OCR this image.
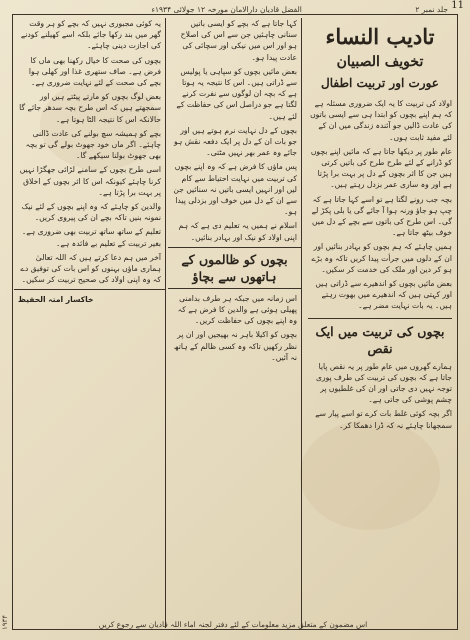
جلد نمبر ۲
الفضل قادیان دارالامان مورخہ ۱۲ جولائی ۱۹۳۴ء	11
تادیب النساء
تخویف الصبیان
عورت اور تربیت اطفال

اولاد کی تربیت کا یہ ایک ضروری مسئلہ ہے کہ ہم اپنے بچوں کو ابتدا ہی سے ایسی باتوں کی عادت ڈالیں جو آئندہ زندگی میں ان کے لئے مفید ثابت ہوں۔

عام طور پر دیکھا جاتا ہے کہ مائیں اپنے بچوں کو ڈرانے کے لئے طرح طرح کی باتیں کرتی ہیں جن کا اثر بچوں کے دل پر بہت برا پڑتا ہے اور وہ ساری عمر بزدل رہتے ہیں۔

بچہ جب رونے لگتا ہے تو اسے کہا جاتا ہے کہ چپ ہو جاؤ ورنہ ہوا آ جائے گی یا بلی پکڑ لے گی۔ اس طرح کی باتوں سے بچے کے دل میں خوف بیٹھ جاتا ہے۔

ہمیں چاہئے کہ ہم بچوں کو بہادر بنائیں اور ان کے دلوں میں جرأت پیدا کریں تاکہ وہ بڑے ہو کر دین اور ملک کی خدمت کر سکیں۔

بعض مائیں بچوں کو اندھیرے سے ڈراتی ہیں اور کہتی ہیں کہ اندھیرے میں بھوت رہتے ہیں۔ یہ بات نہایت مضر ہے۔

بچوں کی تربیت میں ایک نقص

ہمارے گھروں میں عام طور پر یہ نقص پایا جاتا ہے کہ بچوں کی تربیت کی طرف پوری توجہ نہیں دی جاتی اور ان کی غلطیوں پر چشم پوشی کی جاتی ہے۔

اگر بچہ کوئی غلط بات کرے تو اسے پیار سے سمجھانا چاہئے نہ کہ ڈرا دھمکا کر۔

کہا جاتا ہے کہ بچے کو ایسی باتیں سنانی چاہئیں جن سے اس کی اصلاح ہو اور اس میں نیکی اور سچائی کی عادت پیدا ہو۔

بعض مائیں بچوں کو سپاہی یا پولیس سے ڈراتی ہیں۔ اس کا نتیجہ یہ ہوتا ہے کہ بچہ ان لوگوں سے نفرت کرنے لگتا ہے جو دراصل اس کی حفاظت کے لئے ہیں۔

بچوں کے دل نہایت نرم ہوتے ہیں اور جو بات ان کے دل پر ایک دفعہ نقش ہو جائے وہ عمر بھر نہیں مٹتی۔

پس ماؤں کا فرض ہے کہ وہ اپنے بچوں کی تربیت میں نہایت احتیاط سے کام لیں اور انہیں ایسی باتیں نہ سنائیں جن سے ان کے دل میں خوف اور بزدلی پیدا ہو۔

اسلام نے ہمیں یہ تعلیم دی ہے کہ ہم اپنی اولاد کو نیک اور بہادر بنائیں۔

بچوں کو ظالموں کے ہاتھوں سے بچاؤ

اس زمانہ میں جبکہ ہر طرف بدامنی پھیلی ہوئی ہے والدین کا فرض ہے کہ وہ اپنے بچوں کی حفاظت کریں۔

بچوں کو اکیلا باہر نہ بھیجیں اور ان پر نظر رکھیں تاکہ وہ کسی ظالم کے ہاتھ نہ آئیں۔

یہ کوئی مجبوری نہیں کہ بچے کو ہر وقت گھر میں بند رکھا جائے بلکہ اسے کھیلنے کودنے کی اجازت دینی چاہئے۔

بچوں کی صحت کا خیال رکھنا بھی ماں کا فرض ہے۔ صاف ستھری غذا اور کھلی ہوا بچے کی صحت کے لئے نہایت ضروری ہے۔

بعض لوگ بچوں کو مارتے پیٹتے ہیں اور سمجھتے ہیں کہ اس طرح بچہ سدھر جائے گا حالانکہ اس کا نتیجہ الٹا ہوتا ہے۔

بچے کو ہمیشہ سچ بولنے کی عادت ڈالنی چاہئے۔ اگر ماں خود جھوٹ بولے گی تو بچہ بھی جھوٹ بولنا سیکھے گا۔

اسی طرح بچوں کے سامنے لڑائی جھگڑا نہیں کرنا چاہئے کیونکہ اس کا اثر بچوں کے اخلاق پر بہت برا پڑتا ہے۔

والدین کو چاہئے کہ وہ اپنے بچوں کے لئے نیک نمونہ بنیں تاکہ بچے ان کی پیروی کریں۔

تعلیم کے ساتھ ساتھ تربیت بھی ضروری ہے۔ بغیر تربیت کے تعلیم بے فائدہ ہے۔

آخر میں ہم دعا کرتے ہیں کہ اللہ تعالیٰ ہماری ماؤں بہنوں کو اس بات کی توفیق دے کہ وہ اپنی اولاد کی صحیح تربیت کر سکیں۔

خاکسار امتہ الحفیظ

۱۹۳۴	اس مضمون کے متعلق مزید معلومات کے لئے دفتر لجنہ اماء اللہ قادیان سے رجوع کریں
